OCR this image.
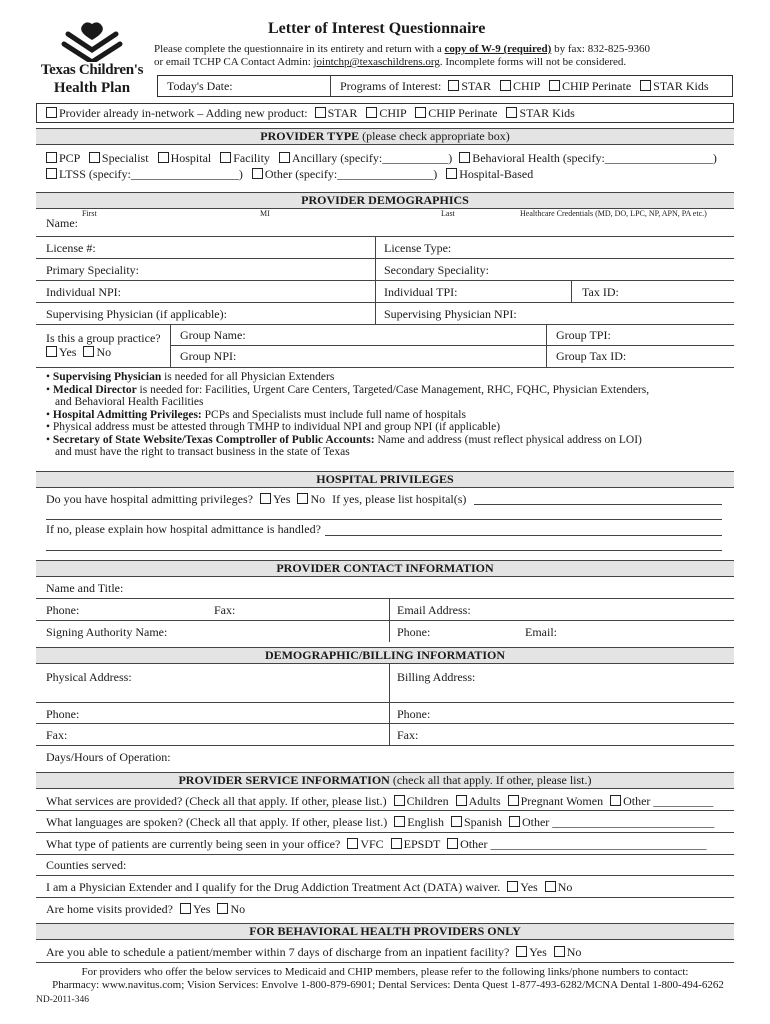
Texas Children's
Health Plan
Letter of Interest Questionnaire
Please complete the questionnaire in its entirety and return with a copy of W-9 (required) by fax: 832-825-9360
or email TCHP CA Contact Admin: jointchp@texaschildrens.org. Incomplete forms will not be considered.
Today's Date:	Programs of Interest: STAR CHIP CHIP Perinate STAR Kids
Provider already in-network – Adding new product: STAR CHIP CHIP Perinate STAR Kids
PROVIDER TYPE (please check appropriate box)
PCP Specialist Hospital Facility Ancillary (specify:___________) Behavioral Health (specify:__________________)
LTSS (specify:__________________) Other (specify:________________) Hospital-Based
PROVIDER DEMOGRAPHICS
First	MI	Last	Healthcare Credentials (MD, DO, LPC, NP, APN, PA etc.)
Name:
License #:	License Type:
Primary Speciality:	Secondary Speciality:
Individual NPI:	Individual TPI:	Tax ID:
Supervising Physician (if applicable):	Supervising Physician NPI:
Is this a group practice?
Yes No
Group Name:	Group TPI:
Group NPI:	Group Tax ID:
• Supervising Physician is needed for all Physician Extenders
• Medical Director is needed for: Facilities, Urgent Care Centers, Targeted/Case Management, RHC, FQHC, Physician Extenders,
and Behavioral Health Facilities
• Hospital Admitting Privileges: PCPs and Specialists must include full name of hospitals
• Physical address must be attested through TMHP to individual NPI and group NPI (if applicable)
• Secretary of State Website/Texas Comptroller of Public Accounts: Name and address (must reflect physical address on LOI)
and must have the right to transact business in the state of Texas
HOSPITAL PRIVILEGES
Do you have hospital admitting privileges? Yes No If yes, please list hospital(s)
If no, please explain how hospital admittance is handled?
PROVIDER CONTACT INFORMATION
Name and Title:
Phone:	Fax:	Email Address:
Signing Authority Name:	Phone:	Email:
DEMOGRAPHIC/BILLING INFORMATION
Physical Address:	Billing Address:
Phone:	Phone:
Fax:	Fax:
Days/Hours of Operation:
PROVIDER SERVICE INFORMATION (check all that apply. If other, please list.)
What services are provided? (Check all that apply. If other, please list.) Children Adults Pregnant Women Other __________
What languages are spoken? (Check all that apply. If other, please list.) English Spanish Other ___________________________
What type of patients are currently being seen in your office? VFC EPSDT Other ____________________________________
Counties served:
I am a Physician Extender and I qualify for the Drug Addiction Treatment Act (DATA) waiver. Yes No
Are home visits provided? Yes No
FOR BEHAVIORAL HEALTH PROVIDERS ONLY
Are you able to schedule a patient/member within 7 days of discharge from an inpatient facility? Yes No
For providers who offer the below services to Medicaid and CHIP members, please refer to the following links/phone numbers to contact:
Pharmacy: www.navitus.com; Vision Services: Envolve 1-800-879-6901; Dental Services: Denta Quest 1-877-493-6282/MCNA Dental 1-800-494-6262
ND-2011-346
